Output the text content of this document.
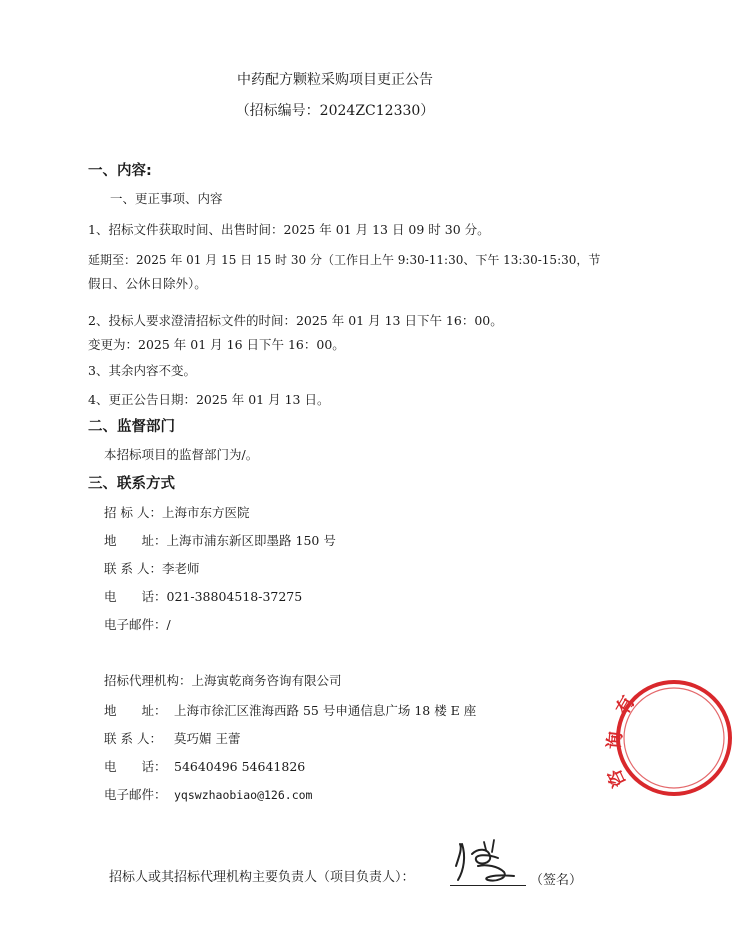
中药配方颗粒采购项目更正公告
（招标编号：2024ZC12330）
一、内容:
一、更正事项、内容
1、招标文件获取时间、出售时间：2025 年 01 月 13 日 09 时 30 分。
延期至：2025 年 01 月 15 日 15 时 30 分（工作日上午 9:30-11:30、下午 13:30-15:30，节
假日、公休日除外）。
2、投标人要求澄清招标文件的时间：2025 年 01 月 13 日下午 16：00。
变更为：2025 年 01 月 16 日下午 16：00。
3、其余内容不变。
4、更正公告日期：2025 年 01 月 13 日。
二、监督部门
本招标项目的监督部门为/。
三、联系方式
招 标 人：上海市东方医院
地　　址：上海市浦东新区即墨路 150 号
联 系 人：李老师
电　　话：021-38804518-37275
电子邮件：/
招标代理机构：上海寅乾商务咨询有限公司
地　　址： 上海市徐汇区淮海西路 55 号申通信息广场 18 楼 E 座
联 系 人： 莫巧媚 王蕾
电　　话： 54640496 54641826
电子邮件： yqswzhaobiao@126.com
招标人或其招标代理机构主要负责人（项目负责人）：	（签名）
有
询
咨
